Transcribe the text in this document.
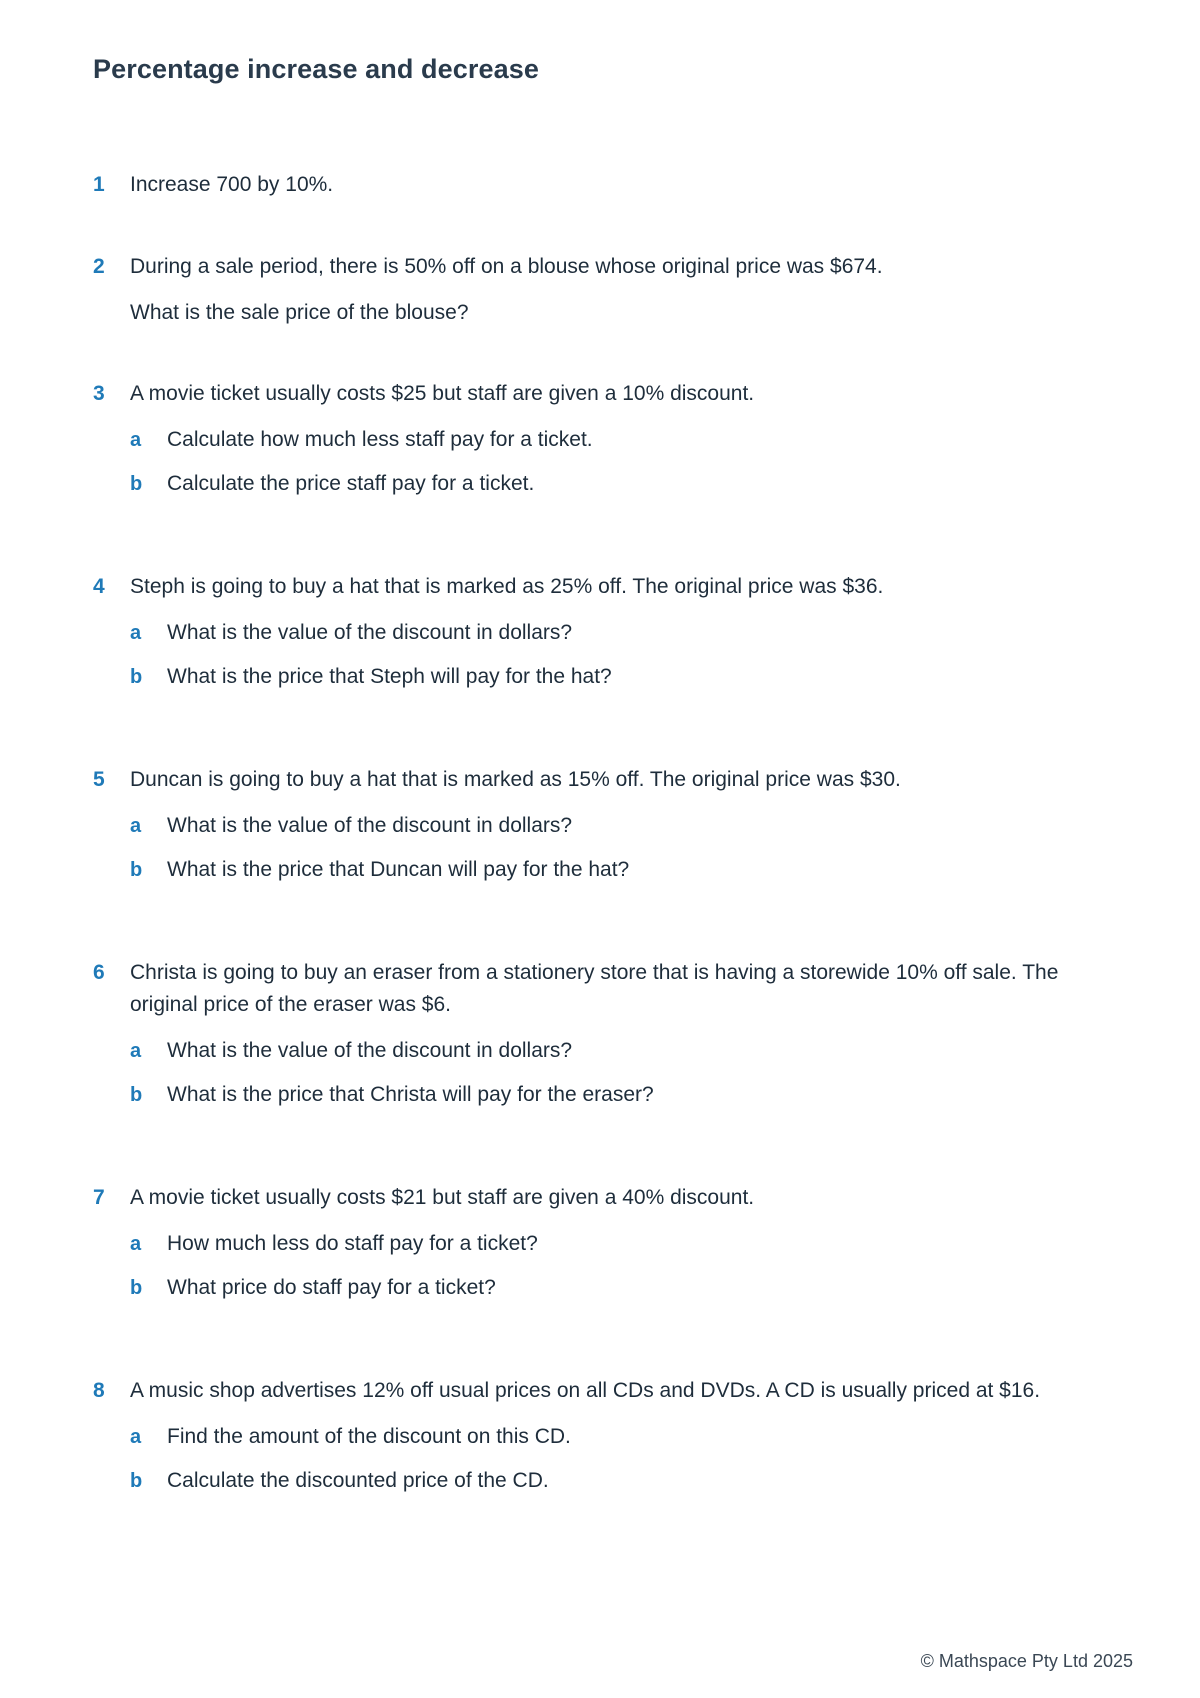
Percentage increase and decrease
1	Increase 700 by 10%.
2	During a sale period, there is 50% off on a blouse whose original price was $674.
What is the sale price of the blouse?
3	A movie ticket usually costs $25 but staff are given a 10% discount.
a	Calculate how much less staff pay for a ticket.
b	Calculate the price staff pay for a ticket.
4	Steph is going to buy a hat that is marked as 25% off. The original price was $36.
a	What is the value of the discount in dollars?
b	What is the price that Steph will pay for the hat?
5	Duncan is going to buy a hat that is marked as 15% off. The original price was $30.
a	What is the value of the discount in dollars?
b	What is the price that Duncan will pay for the hat?
6	Christa is going to buy an eraser from a stationery store that is having a storewide 10% off sale. The original price of the eraser was $6.
a	What is the value of the discount in dollars?
b	What is the price that Christa will pay for the eraser?
7	A movie ticket usually costs $21 but staff are given a 40% discount.
a	How much less do staff pay for a ticket?
b	What price do staff pay for a ticket?
8	A music shop advertises 12% off usual prices on all CDs and DVDs. A CD is usually priced at $16.
a	Find the amount of the discount on this CD.
b	Calculate the discounted price of the CD.
© Mathspace Pty Ltd 2025
